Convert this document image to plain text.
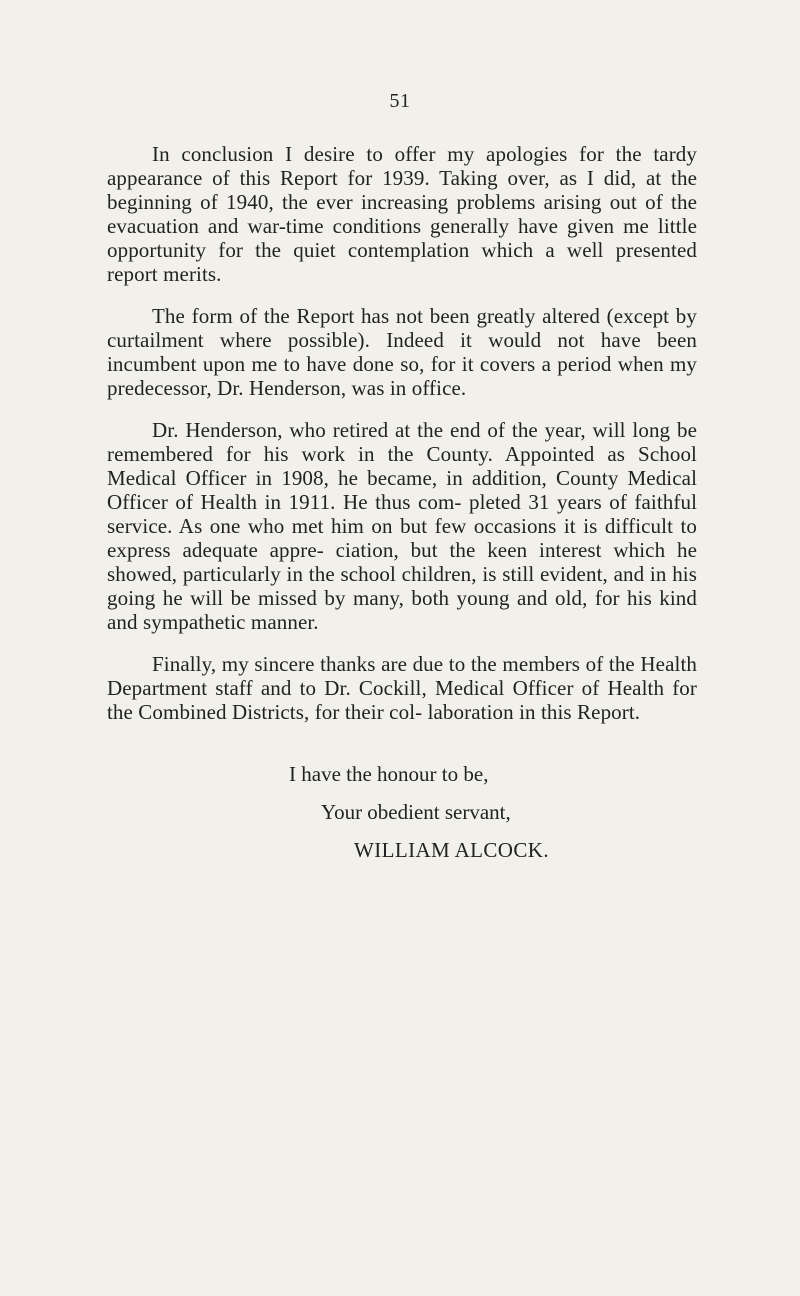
51

In conclusion I desire to offer my apologies for the tardy appearance of this Report for 1939. Taking over, as I did, at the beginning of 1940, the ever increasing problems arising out of the evacuation and war-time conditions generally have given me little opportunity for the quiet contemplation which a well presented report merits.

The form of the Report has not been greatly altered (except by curtailment where possible). Indeed it would not have been incumbent upon me to have done so, for it covers a period when my predecessor, Dr. Henderson, was in office.

Dr. Henderson, who retired at the end of the year, will long be remembered for his work in the County. Appointed as School Medical Officer in 1908, he became, in addition, County Medical Officer of Health in 1911. He thus com- pleted 31 years of faithful service. As one who met him on but few occasions it is difficult to express adequate appre- ciation, but the keen interest which he showed, particularly in the school children, is still evident, and in his going he will be missed by many, both young and old, for his kind and sympathetic manner.

Finally, my sincere thanks are due to the members of the Health Department staff and to Dr. Cockill, Medical Officer of Health for the Combined Districts, for their col- laboration in this Report.

I have the honour to be,
Your obedient servant,
WILLIAM ALCOCK.
